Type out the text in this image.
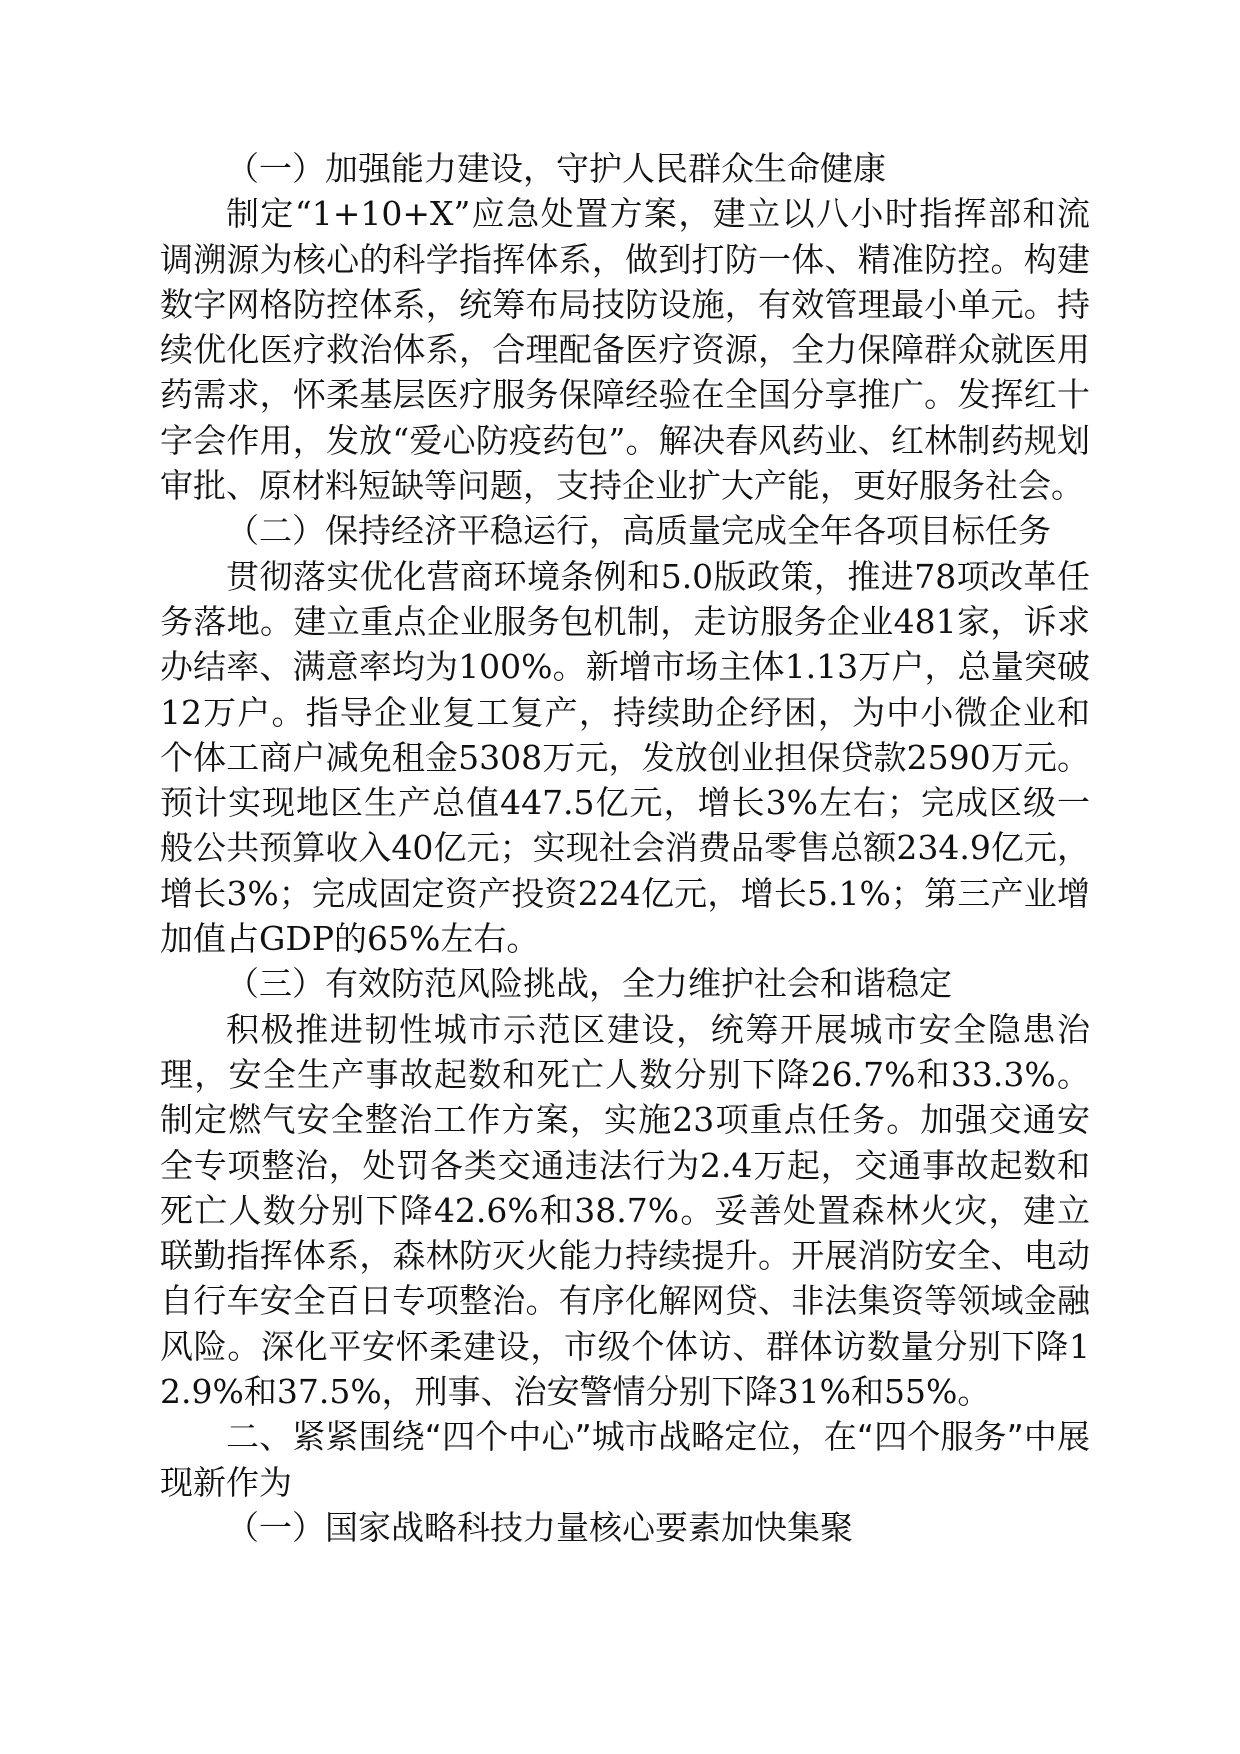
（一）加强能力建设，守护人民群众生命健康

制定“1+10+X”应急处置方案，建立以八小时指挥部和流调溯源为核心的科学指挥体系，做到打防一体、精准防控。构建数字网格防控体系，统筹布局技防设施，有效管理最小单元。持续优化医疗救治体系，合理配备医疗资源，全力保障群众就医用药需求，怀柔基层医疗服务保障经验在全国分享推广。发挥红十字会作用，发放“爱心防疫药包”。解决春风药业、红林制药规划审批、原材料短缺等问题，支持企业扩大产能，更好服务社会。

（二）保持经济平稳运行，高质量完成全年各项目标任务

贯彻落实优化营商环境条例和5.0版政策，推进78项改革任务落地。建立重点企业服务包机制，走访服务企业481家，诉求办结率、满意率均为100%。新增市场主体1.13万户，总量突破12万户。指导企业复工复产，持续助企纾困，为中小微企业和个体工商户减免租金5308万元，发放创业担保贷款2590万元。预计实现地区生产总值447.5亿元，增长3%左右；完成区级一般公共预算收入40亿元；实现社会消费品零售总额234.9亿元，增长3%；完成固定资产投资224亿元，增长5.1%；第三产业增加值占GDP的65%左右。

（三）有效防范风险挑战，全力维护社会和谐稳定

积极推进韧性城市示范区建设，统筹开展城市安全隐患治理，安全生产事故起数和死亡人数分别下降26.7%和33.3%。制定燃气安全整治工作方案，实施23项重点任务。加强交通安全专项整治，处罚各类交通违法行为2.4万起，交通事故起数和死亡人数分别下降42.6%和38.7%。妥善处置森林火灾，建立联勤指挥体系，森林防灭火能力持续提升。开展消防安全、电动自行车安全百日专项整治。有序化解网贷、非法集资等领域金融风险。深化平安怀柔建设，市级个体访、群体访数量分别下降12.9%和37.5%，刑事、治安警情分别下降31%和55%。

二、紧紧围绕“四个中心”城市战略定位，在“四个服务”中展现新作为

（一）国家战略科技力量核心要素加快集聚
